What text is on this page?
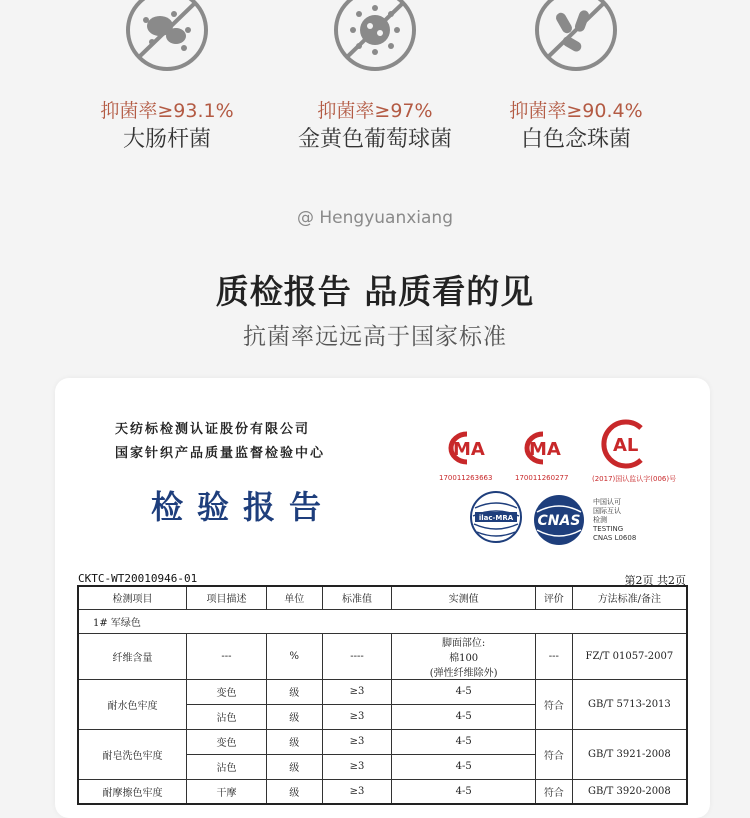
抑菌率≥93.1%
大肠杆菌
抑菌率≥97%
金黄色葡萄球菌
抑菌率≥90.4%
白色念珠菌
@ Hengyuanxiang
质检报告 品质看的见
抗菌率远远高于国家标准
天纺标检测认证股份有限公司
国家针织产品质量监督检验中心
检验报告
MA
170011263663
MA
170011260277
AL
(2017)国认监认字(006)号
ilac-MRA CNAS
中国认可
国际互认
检测
TESTING
CNAS L0608
CKTC-WT20010946-01	第2页 共2页
检测项目	项目描述	单位	标准值	实测值	评价	方法标准/备注
1# 军绿色						
纤维含量	---	%	----	脚面部位:
棉100
(弹性纤维除外)	---	FZ/T 01057-2007
耐水色牢度	变色	级	≥3	4-5	符合	GB/T 5713-2013
	沾色	级	≥3	4-5		
耐皂洗色牢度	变色	级	≥3	4-5	符合	GB/T 3921-2008
	沾色	级	≥3	4-5		
耐摩擦色牢度	干摩	级	≥3	4-5	符合	GB/T 3920-2008
